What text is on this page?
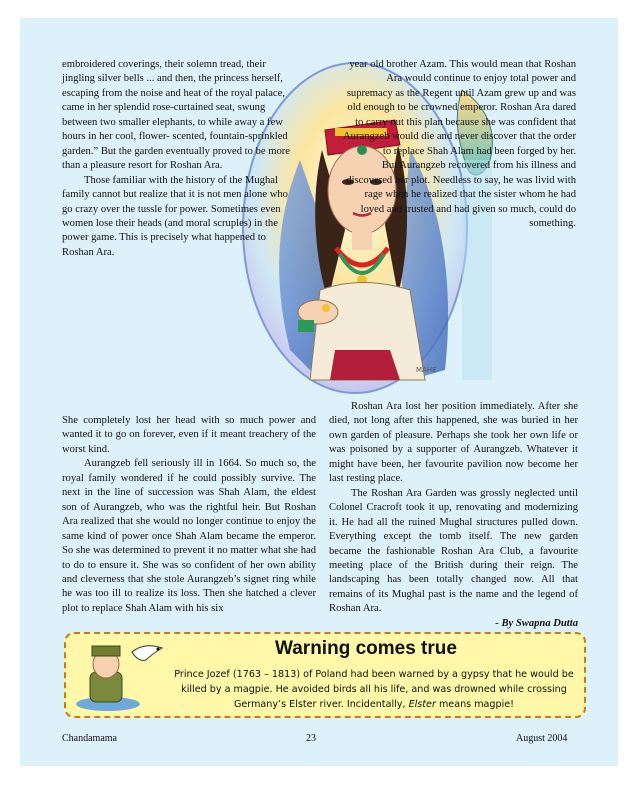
MAHE

embroidered coverings, their solemn tread, their jingling silver bells ... and then, the princess herself, escaping from the noise and heat of the royal palace, came in her splendid rose-curtained seat, swung between two smaller elephants, to while away a few hours in her cool, flower- scented, fountain-sprinkled garden.” But the garden eventually proved to be more than a pleasure resort for Roshan Ara.

Those familiar with the history of the Mughal family cannot but realize that it is not men alone who go crazy over the tussle for power. Sometimes even women lose their heads (and moral scruples) in the power game. This is precisely what happened to Roshan Ara.

year old brother Azam. This would mean that Roshan Ara would continue to enjoy total power and supremacy as the Regent until Azam grew up and was old enough to be crowned emperor. Roshan Ara dared to carry out this plan because she was confident that Aurangzeb would die and never discover that the order to replace Shah Alam had been forged by her.

But Aurangzeb recovered from his illness and discovered her plot. Needless to say, he was livid with rage when he realized that the sister whom he had loved and trusted and had given so much, could do something.

She completely lost her head with so much power and wanted it to go on forever, even if it meant treachery of the worst kind.

Aurangzeb fell seriously ill in 1664. So much so, the royal family wondered if he could possibly survive. The next in the line of succession was Shah Alam, the eldest son of Aurangzeb, who was the rightful heir. But Roshan Ara realized that she would no longer continue to enjoy the same kind of power once Shah Alam became the emperor. So she was determined to prevent it no matter what she had to do to ensure it. She was so confident of her own ability and cleverness that she stole Aurangzeb’s signet ring while he was too ill to realize its loss. Then she hatched a clever plot to replace Shah Alam with his six

Roshan Ara lost her position immediately. After she died, not long after this happened, she was buried in her own garden of pleasure. Perhaps she took her own life or was poisoned by a supporter of Aurangzeb. Whatever it might have been, her favourite pavilion now become her last resting place.

The Roshan Ara Garden was grossly neglected until Colonel Cracroft took it up, renovating and modernizing it. He had all the ruined Mughal structures pulled down. Everything except the tomb itself. The new garden became the fashionable Roshan Ara Club, a favourite meeting place of the British during their reign. The landscaping has been totally changed now. All that remains of its Mughal past is the name and the legend of Roshan Ara.

- By Swapna Dutta

Warning comes true
Prince Jozef (1763 – 1813) of Poland had been warned by a gypsy that he would be killed by a magpie. He avoided birds all his life, and was drowned while crossing Germany’s Elster river. Incidentally, Elster means magpie!
Chandamama	23	August 2004
